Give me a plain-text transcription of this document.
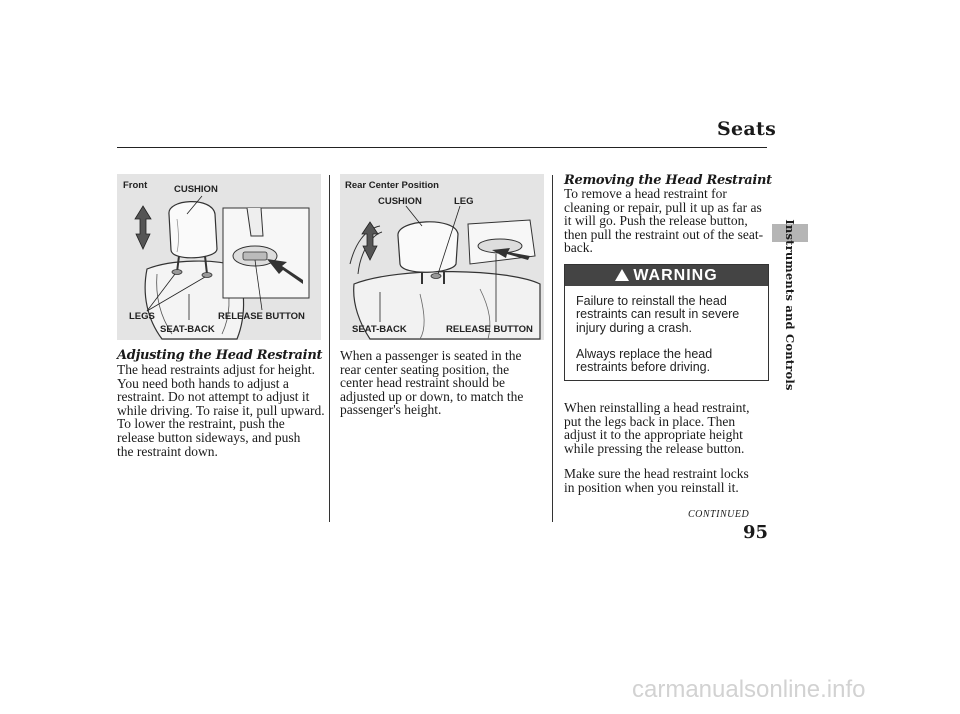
Seats
Instruments and Controls
Front	CUSHION
LEGS	RELEASE BUTTON
SEAT-BACK
Rear Center Position
CUSHION	LEG
SEAT-BACK	RELEASE BUTTON
Adjusting the Head Restraint
The head restraints adjust for height.
You need both hands to adjust a
restraint. Do not attempt to adjust it
while driving. To raise it, pull upward.
To lower the restraint, push the
release button sideways, and push
the restraint down.
When a passenger is seated in the
rear center seating position, the
center head restraint should be
adjusted up or down, to match the
passenger's height.
Removing the Head Restraint
To remove a head restraint for
cleaning or repair, pull it up as far as
it will go. Push the release button,
then pull the restraint out of the seat-
back.
WARNING
Failure to reinstall the head
restraints can result in severe
injury during a crash.
Always replace the head
restraints before driving.
When reinstalling a head restraint,
put the legs back in place. Then
adjust it to the appropriate height
while pressing the release button.
Make sure the head restraint locks
in position when you reinstall it.
CONTINUED
95
carmanualsonline.info
